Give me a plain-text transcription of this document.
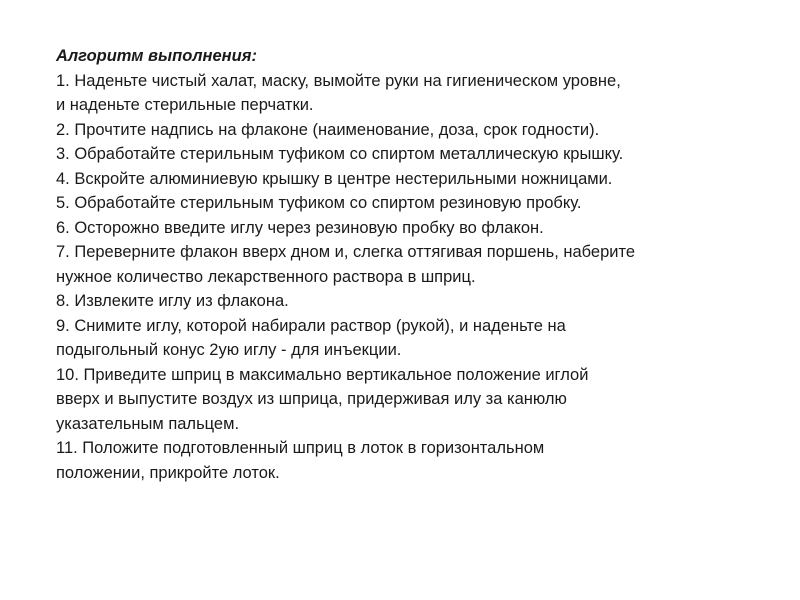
Алгоритм выполнения:

1. Наденьте чистый халат, маску, вымойте руки на гигиеническом уровне,
и наденьте стерильные перчатки.
2. Прочтите надпись на флаконе (наименование, доза, срок годности).
3. Обработайте стерильным туфиком со спиртом металлическую крышку.
4. Вскройте алюминиевую крышку в центре нестерильными ножницами.
5. Обработайте стерильным туфиком со спиртом резиновую пробку.
6. Осторожно введите иглу через резиновую пробку во флакон.
7. Переверните флакон вверх дном и, слегка оттягивая поршень, наберите
нужное количество лекарственного раствора в шприц.
8. Извлеките иглу из флакона.
9. Снимите иглу, которой набирали раствор (рукой), и наденьте на
подыгольный конус 2ую иглу - для инъекции.
10. Приведите шприц в максимально вертикальное положение иглой
вверх и выпустите воздух из шприца, придерживая илу за канюлю
указательным пальцем.
11. Положите подготовленный шприц в лоток в горизонтальном
положении, прикройте лоток.
